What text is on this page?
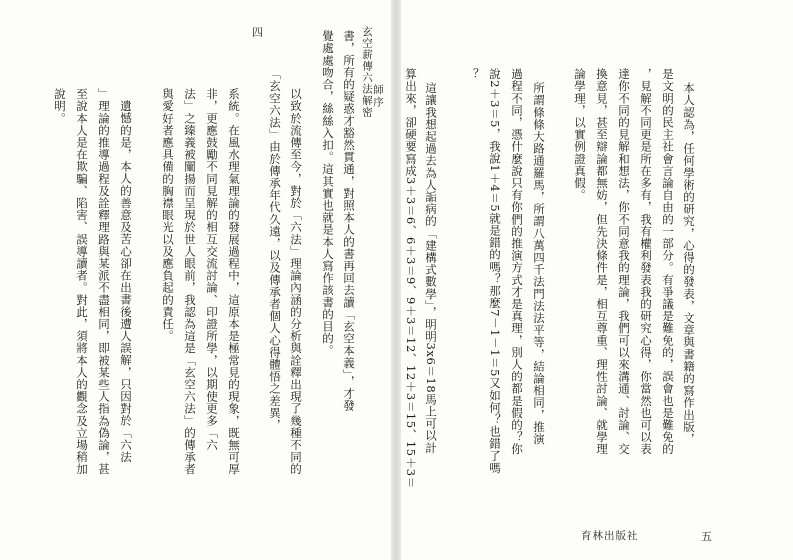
玄空薪傳六法解密
四	書，所有的疑惑才豁然貫通，對照本人的書再回去讀「玄空本義」，才發
覺處處吻合，絲絲入扣。這其實也就是本人寫作該書的目的。
以致於流傳至今，對於「六法」理論內涵的分析與詮釋出現了幾種不同的
「玄空六法」由於傳承年代久遠，以及傳承者個人心得體悟之差異，
系統。在風水理氣理論的發展過程中，這原本是極常見的現象，既無可厚
非，更應鼓勵不同見解的相互交流討論、印證所學，以期使更多「六
法」之臻義被闡揚而呈現於世人眼前，我認為這是「玄空六法」的傳承者
與愛好者應具備的胸襟眼光以及應負起的責任。
遺憾的是，本人的善意及苦心卻在出書後遭人誤解，只因對於「六法
」理論的推導過程及詮釋理路與某派不盡相同，即被某些人指為偽論，甚
至說本人是在欺騙、陷害、誤導讀者。對此，須將本人的觀念及立場稍加
說明。	本人認為，任何學術的研究，心得的發表，文章與書籍的寫作出版，
是文明的民主社會言論自由的一部分。有爭議是難免的，誤會也是難免的
，見解不同更是所在多有，我有權利發表我的研究心得，你當然也可以表
達你不同的見解和想法，你不同意我的理論，我們可以來溝通、討論、交
換意見，甚至辯論都無妨，但先決條件是，相互尊重、理性討論、就學理
論學理，以實例證真假。
所謂條條大路通羅馬，所謂八萬四千法門法法平等，結論相同，推演
過程不同，憑什麼說只有你們的推演方式才是真理，別人的都是假的？你
說2＋3＝5，我說1＋4＝5就是錯的嗎？那麼7－1－1＝5又如何？也錯了嗎
？
這讓我想起過去為人詬病的「建構式數學」，明明3x6＝18馬上可以計
算出來，卻硬要寫成3＋3＝6、6＋3＝9、9＋3＝12、12＋3＝15、15＋3＝
師序
育林出版社	五
